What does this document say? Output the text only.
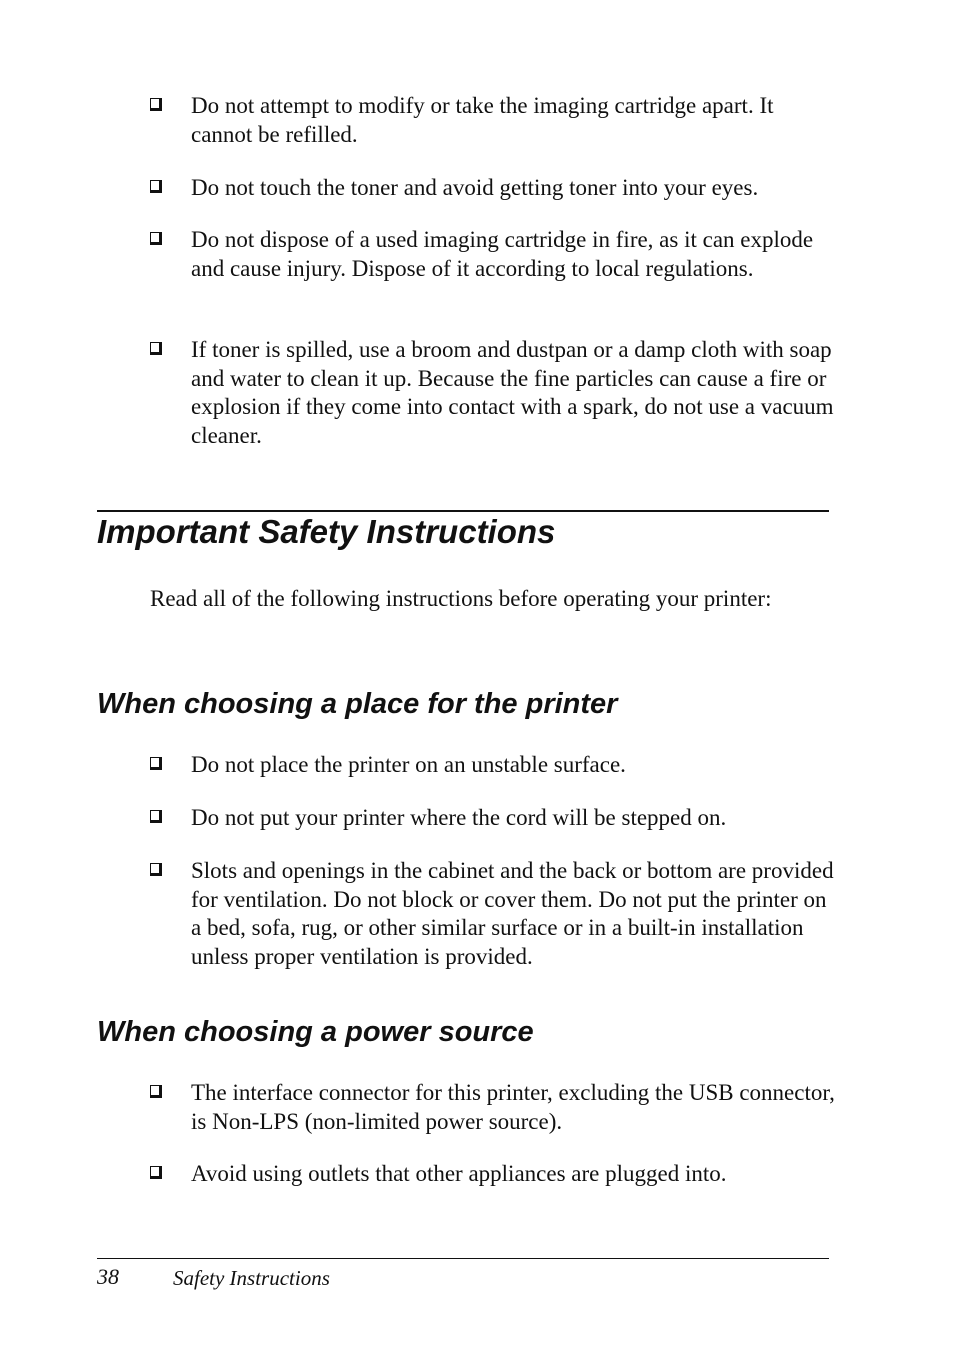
Do not attempt to modify or take the imaging cartridge apart. It cannot be refilled.
Do not touch the toner and avoid getting toner into your eyes.
Do not dispose of a used imaging cartridge in fire, as it can explode and cause injury. Dispose of it according to local regulations.
If toner is spilled, use a broom and dustpan or a damp cloth with soap and water to clean it up. Because the fine particles can cause a fire or explosion if they come into contact with a spark, do not use a vacuum cleaner.
Important Safety Instructions

Read all of the following instructions before operating your printer:

When choosing a place for the printer
Do not place the printer on an unstable surface.
Do not put your printer where the cord will be stepped on.
Slots and openings in the cabinet and the back or bottom are provided for ventilation. Do not block or cover them. Do not put the printer on a bed, sofa, rug, or other similar surface or in a built-in installation unless proper ventilation is provided.
When choosing a power source
The interface connector for this printer, excluding the USB connector, is Non-LPS (non-limited power source).
Avoid using outlets that other appliances are plugged into.
38	Safety Instructions
